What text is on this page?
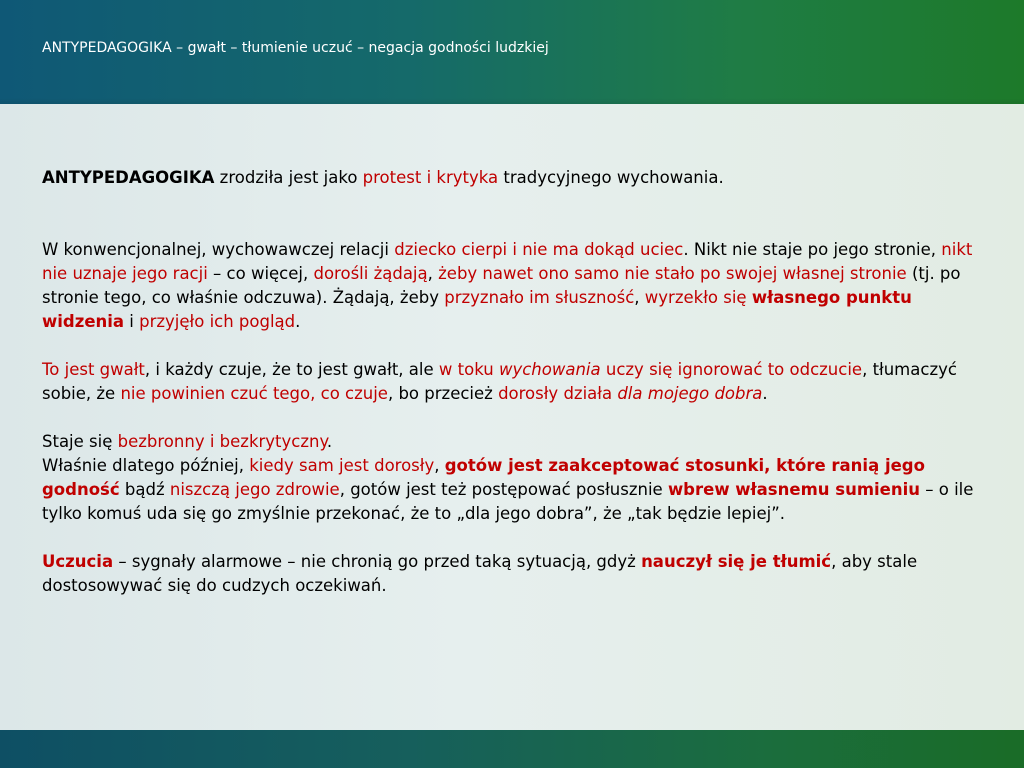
ANTYPEDAGOGIKA – gwałt – tłumienie uczuć – negacja godności ludzkiej

ANTYPEDAGOGIKA zrodziła jest jako protest i krytyka tradycyjnego wychowania.

W konwencjonalnej, wychowawczej relacji dziecko cierpi i nie ma dokąd uciec. Nikt nie staje po jego stronie, nikt nie uznaje jego racji – co więcej, dorośli żądają, żeby nawet ono samo nie stało po swojej własnej stronie (tj. po stronie tego, co właśnie odczuwa). Żądają, żeby przyznało im słuszność, wyrzekło się własnego punktu widzenia i przyjęło ich pogląd.

To jest gwałt, i każdy czuje, że to jest gwałt, ale w toku wychowania uczy się ignorować to odczucie, tłumaczyć sobie, że nie powinien czuć tego, co czuje, bo przecież dorosły działa dla mojego dobra.

Staje się bezbronny i bezkrytyczny.

Właśnie dlatego później, kiedy sam jest dorosły, gotów jest zaakceptować stosunki, które ranią jego godność bądź niszczą jego zdrowie, gotów jest też postępować posłusznie wbrew własnemu sumieniu – o ile tylko komuś uda się go zmyślnie przekonać, że to „dla jego dobra”, że „tak będzie lepiej”.

Uczucia – sygnały alarmowe – nie chronią go przed taką sytuacją, gdyż nauczył się je tłumić, aby stale dostosowywać się do cudzych oczekiwań.
